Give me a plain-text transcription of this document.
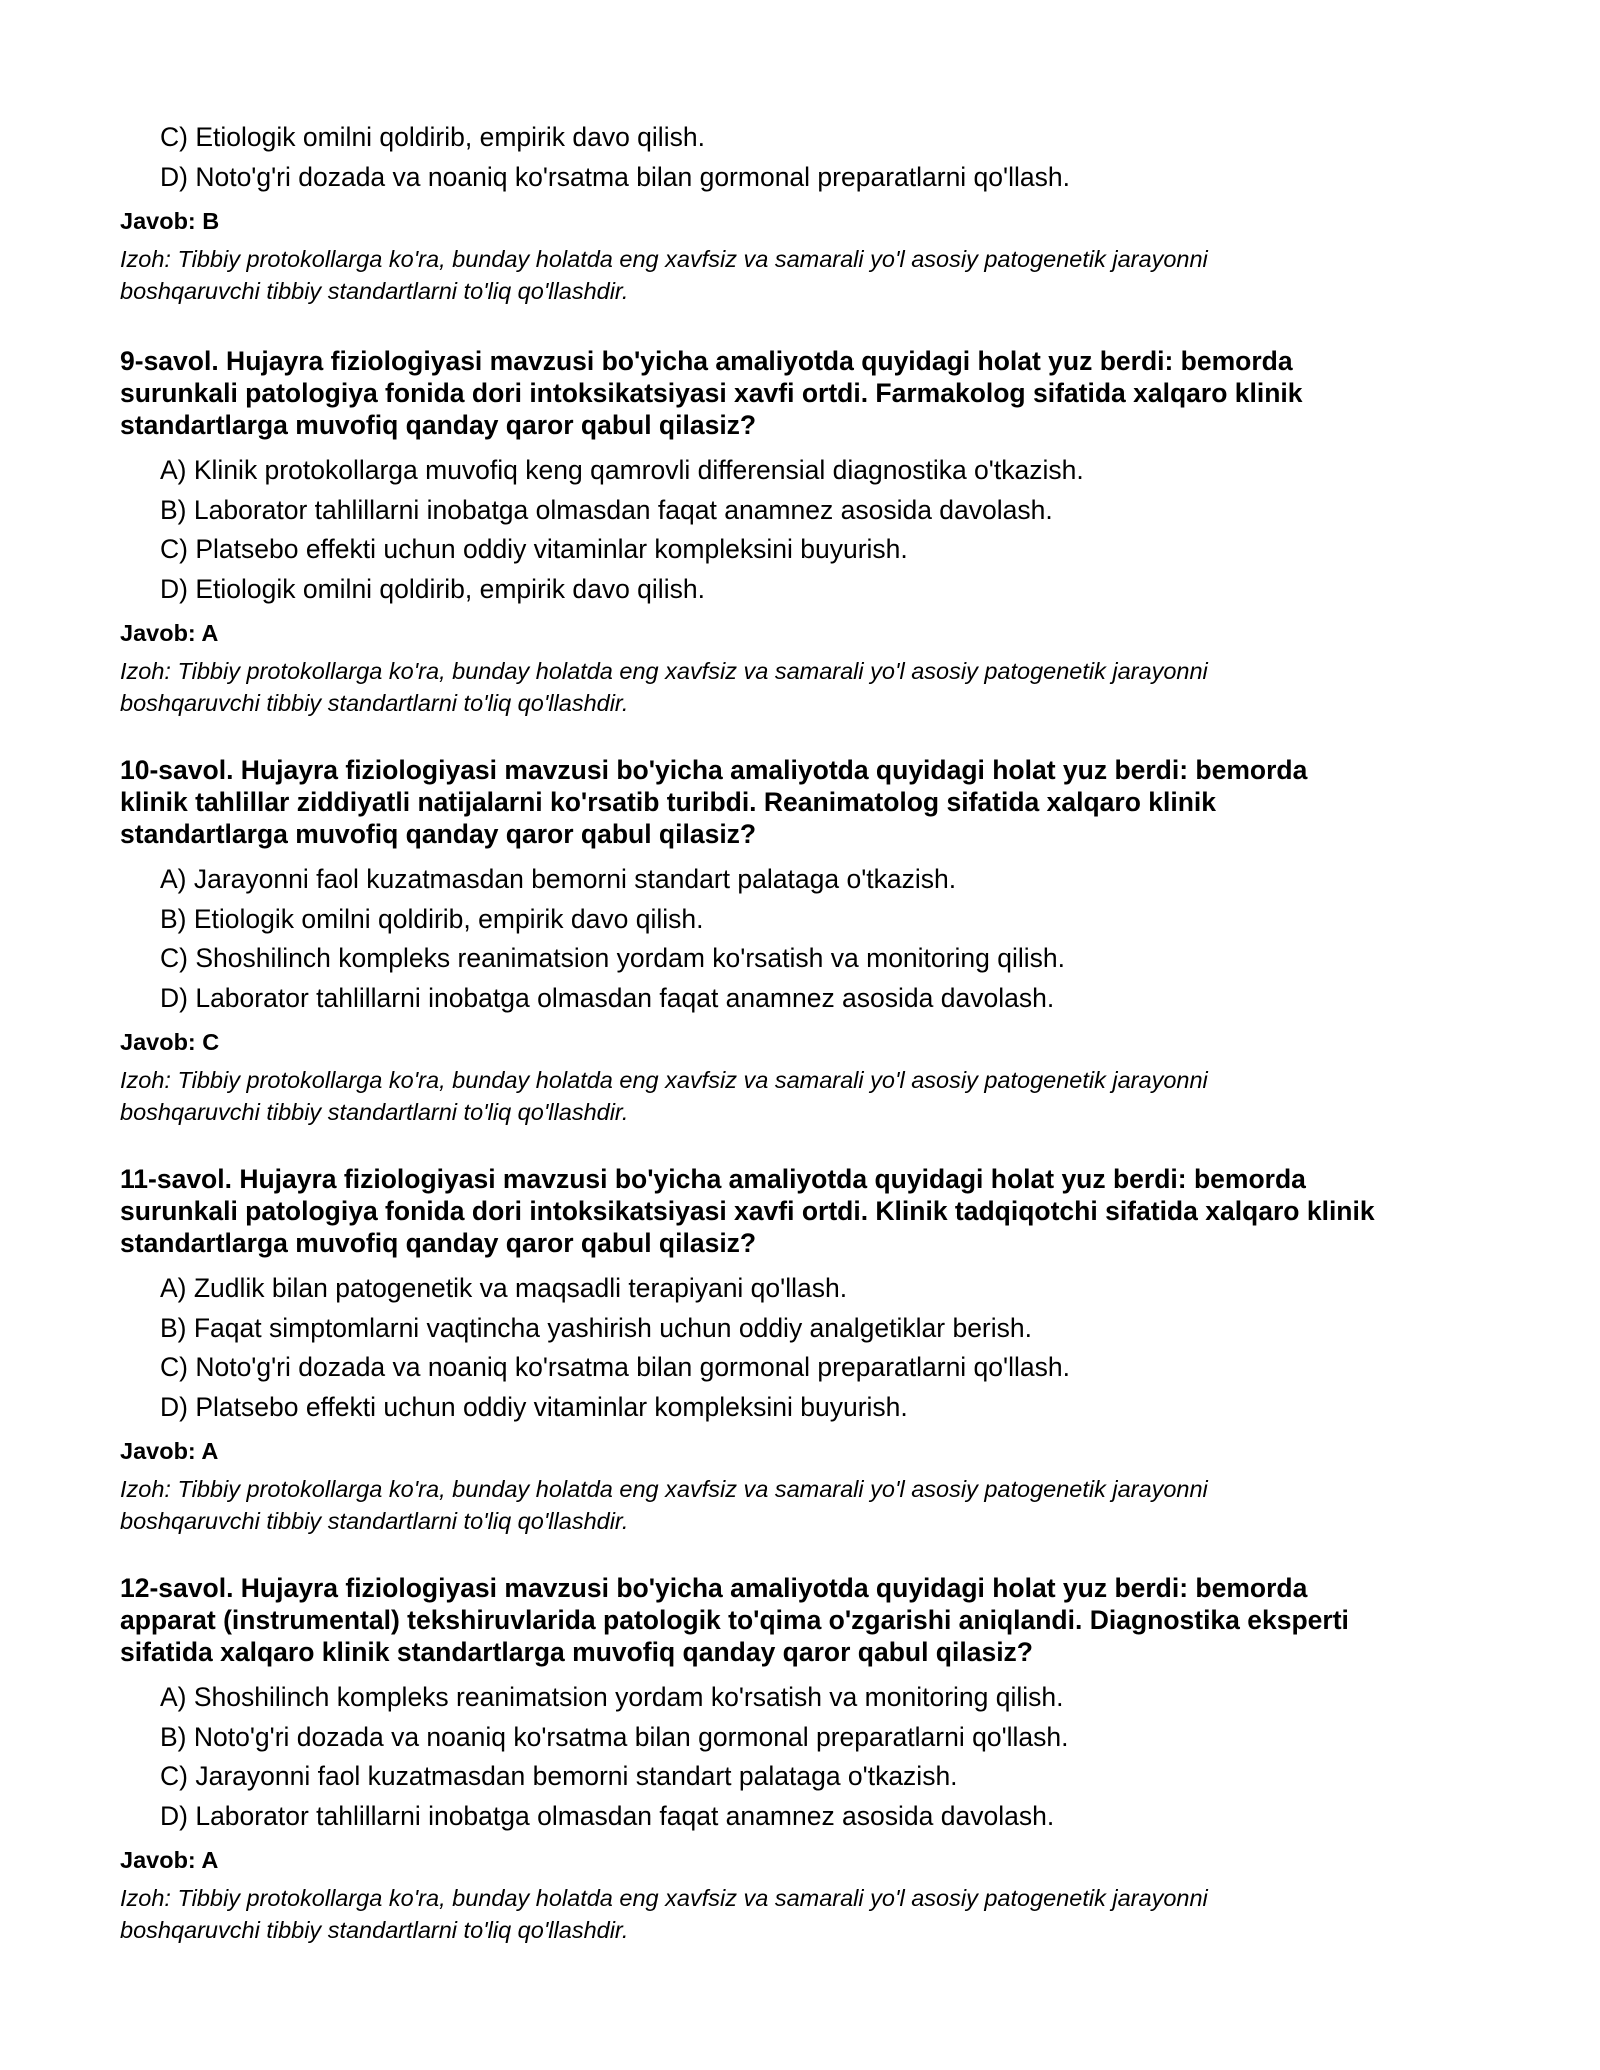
C) Etiologik omilni qoldirib, empirik davo qilish.
D) Noto'g'ri dozada va noaniq ko'rsatma bilan gormonal preparatlarni qo'llash.
Javob: B
Izoh: Tibbiy protokollarga ko'ra, bunday holatda eng xavfsiz va samarali yo'l asosiy patogenetik jarayonni
boshqaruvchi tibbiy standartlarni to'liq qo'llashdir.
9-savol. Hujayra fiziologiyasi mavzusi bo'yicha amaliyotda quyidagi holat yuz berdi: bemorda
surunkali patologiya fonida dori intoksikatsiyasi xavfi ortdi. Farmakolog sifatida xalqaro klinik
standartlarga muvofiq qanday qaror qabul qilasiz?
A) Klinik protokollarga muvofiq keng qamrovli differensial diagnostika o'tkazish.
B) Laborator tahlillarni inobatga olmasdan faqat anamnez asosida davolash.
C) Platsebo effekti uchun oddiy vitaminlar kompleksini buyurish.
D) Etiologik omilni qoldirib, empirik davo qilish.
Javob: A
Izoh: Tibbiy protokollarga ko'ra, bunday holatda eng xavfsiz va samarali yo'l asosiy patogenetik jarayonni
boshqaruvchi tibbiy standartlarni to'liq qo'llashdir.
10-savol. Hujayra fiziologiyasi mavzusi bo'yicha amaliyotda quyidagi holat yuz berdi: bemorda
klinik tahlillar ziddiyatli natijalarni ko'rsatib turibdi. Reanimatolog sifatida xalqaro klinik
standartlarga muvofiq qanday qaror qabul qilasiz?
A) Jarayonni faol kuzatmasdan bemorni standart palataga o'tkazish.
B) Etiologik omilni qoldirib, empirik davo qilish.
C) Shoshilinch kompleks reanimatsion yordam ko'rsatish va monitoring qilish.
D) Laborator tahlillarni inobatga olmasdan faqat anamnez asosida davolash.
Javob: C
Izoh: Tibbiy protokollarga ko'ra, bunday holatda eng xavfsiz va samarali yo'l asosiy patogenetik jarayonni
boshqaruvchi tibbiy standartlarni to'liq qo'llashdir.
11-savol. Hujayra fiziologiyasi mavzusi bo'yicha amaliyotda quyidagi holat yuz berdi: bemorda
surunkali patologiya fonida dori intoksikatsiyasi xavfi ortdi. Klinik tadqiqotchi sifatida xalqaro klinik
standartlarga muvofiq qanday qaror qabul qilasiz?
A) Zudlik bilan patogenetik va maqsadli terapiyani qo'llash.
B) Faqat simptomlarni vaqtincha yashirish uchun oddiy analgetiklar berish.
C) Noto'g'ri dozada va noaniq ko'rsatma bilan gormonal preparatlarni qo'llash.
D) Platsebo effekti uchun oddiy vitaminlar kompleksini buyurish.
Javob: A
Izoh: Tibbiy protokollarga ko'ra, bunday holatda eng xavfsiz va samarali yo'l asosiy patogenetik jarayonni
boshqaruvchi tibbiy standartlarni to'liq qo'llashdir.
12-savol. Hujayra fiziologiyasi mavzusi bo'yicha amaliyotda quyidagi holat yuz berdi: bemorda
apparat (instrumental) tekshiruvlarida patologik to'qima o'zgarishi aniqlandi. Diagnostika eksperti
sifatida xalqaro klinik standartlarga muvofiq qanday qaror qabul qilasiz?
A) Shoshilinch kompleks reanimatsion yordam ko'rsatish va monitoring qilish.
B) Noto'g'ri dozada va noaniq ko'rsatma bilan gormonal preparatlarni qo'llash.
C) Jarayonni faol kuzatmasdan bemorni standart palataga o'tkazish.
D) Laborator tahlillarni inobatga olmasdan faqat anamnez asosida davolash.
Javob: A
Izoh: Tibbiy protokollarga ko'ra, bunday holatda eng xavfsiz va samarali yo'l asosiy patogenetik jarayonni
boshqaruvchi tibbiy standartlarni to'liq qo'llashdir.
